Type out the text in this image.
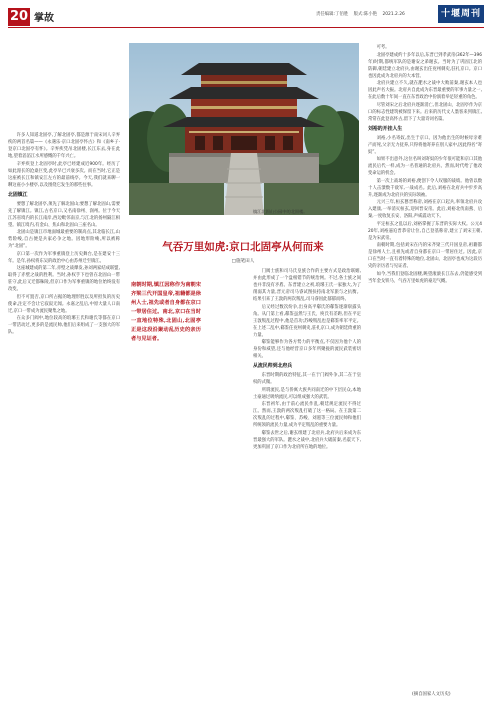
20 掌故	责任编辑:丁佰胜 版式:陈小艳 2021.2.26	十堰周刊
镇江北固山公园中的北固楼。

许多人知道北固亭,了解北固亭,都是源于南宋词人辛弃疾的两首名篇——《永遇乐·京口北固亭怀古》和《南乡子·登京口北固亭有怀》。辛弃疾凭吊北固楼,长江东去,身在此地,望着滔滔江水所感慨的千年兴亡。

辛弃疾登上北固亭时,此亭已经建成近900年。经历了如此漫长的沧桑巨变,此亭早已兴衰多次。而在当时,它正是这座被长江和镇安江左方的最前线亭。今天,我们就来聊一聊这座小小楼亭,以及围绕它发生的那些往事。

北固镇江

要想了解北固亭,须先了解北固山;要想了解北固山,需要先了解镇江。镇江,古名京口,又名南徐州、润州。位于今天江苏省境内的长江南岸,西边毗邻南京,与江北的扬州隔江相望。镇江境内,有金山、焦山和北固山三座名山。

北固山是镇江市地面城最重要的制高点,其北临长江,山势险峻,自古便是兵家必争之地。因地形险峻,所以被称为“北固”。

京口第一次作为军事重镇登上历史舞台,是在建安十三年。是年,孙权将东吴的政治中心由苏州迁至镇江。

这座城建成的第二年,赤壁之战爆发,孙刘两家结成联盟,取得了赤壁之战的胜利。当时,孙权手下也曾在北固山一带驻守,此后又迁都秣陵,但京口作为军事重镇的地位始终没有改变。

但不可置否,京口所占据的地理形胜以及所担负的历史使命,注定不会让它寂寂无闻。永嘉之乱后,中原大量人口南迁,京口一带成为流民聚集之地。

在众多门阀中,地位较高的琅琊王氏和谢氏等都在京口一带活动过,更多的是流民帅,他们后来组成了一支强大的军队。

气吞万里如虎:京口北固亭从何而来
□施笔田人
南朝时期,镇江因称作为南朝宋齐梁三代开国皇帝,祖籍都是徐州人士,祖先或者自身都在京口一带居住过。南北,京口在当时一直地位特殊,北固山,北固亭正是这段沿聚动乱历史的亲历者与见证者。

门阀士族和司马氏皇族合作的主要方式是政治联姻,并由此形成了一个盘根错节的统治网。不过,各士族之间也并非没有矛盾。东晋建立之初,琅琊王氏一家独大,为了削弱其力量,晋元帝司马睿试图扶持南北军旅与之抗衡。结果引来了王敦的两次叛乱,司马睿因此郁郁而终。

后又经过数次纷争,出身高平郗氏的郗鉴逐渐崭露头角。从门第上看,郗鉴虽然与王氏、庾氏有差距,但在平定王敦叛乱过程中,他是首功;苏峻叛乱也是郗鉴率军平定。在上述二乱中,郗鉴任兖州刺史,驻扎京口,成为朝廷倚重的力量。

郗鉴能够作为各方势力的平衡点,不仅因为他个人的身份和威望,还与他经营京口多年所聚拢的流民武装密切相关。

从流民帅到北府兵

东晋时期的政治特征,其一在于门阀外争,其二在于皇权的式微。

所谓流民,是与侨寓大族共同南迁的中下层民众,本地土豪通过吸纳流民,可以组成强大的武装。

东晋初年,由于前心流民作乱,朝廷规定流民不得过江。然而,王敦的两次叛乱打破了这一格局。在王敦第二次叛乱的过程中,郗鉴、苏峻、刘遐等三位流民帅和他们所统领的流民力量,成为平定叛乱的重要力量。

郗鉴去世之后,谢玄组建了北府兵,北府兵后来成为东晋最强大的军队。淝水之战中,北府兵大破前秦,名震天下,更加巩固了京口作为北府所在地的地位。

可考。

北固亭建成约十多年以后,东晋已到孝武帝(362年—396年)时期,都统军队的是谢安之弟谢玄。当时为了巩固江北的防御,朝廷建立北府兵,由谢玄出任兖州刺史,驻扎京口。京口也因此成为北府兵的大本营。

北府兵建立不久,就在淝水之战中大败前秦,谢玄本人也因此声名大振。北府兵自此成为东晋最重要的军事力量之一,在此后数十年间一直在东晋政治中扮演着举足轻重的角色。

尽管刘宋之后北府兵逐渐消亡,但北固山、北固亭作为京口的标志性建筑被保留下来。后来的历代文人墨客来到镇江,常常在此登高怀古,留下了大量诗词名篇。

刘裕的开挂人生

刘裕,小名寄奴,出生于京口。因为他出生的时候母亲难产而死,父亲无力抚养,只得将他寄养在别人家中,因此得名“寄奴”。

如果不出意外,这位名叫刘寄奴的少年很可能和京口其他流民后代一样,成为一名普通的北府兵。然而,时代给了他改变命运的机会。

第一次上战场的刘裕,便创下令人叹服的战绩。他曾以数十人击溃数千敌军,一战成名。此后,刘裕在北府兵中步步高升,逐渐成为北府兵的实际领袖。

元兴三年,桓玄篡晋称帝,刘裕在京口起兵,率领北府兵攻入建康,一举消灭桓玄,迎回晋安帝。此后,刘裕北伐南燕、后秦,一度收复长安、洛阳,声威震动天下。

平定桓玄之乱以后,刘裕掌握了东晋的实际大权。公元420年,刘裕逼迫晋恭帝让位,自己登基称帝,建立了刘宋王朝,是为宋武帝。

南朝时期,包括刘宋在内的宋齐梁三代开国皇帝,祖籍都是徐州人士,且祖先或者自身都在京口一带居住过。因此,京口在当时一直有着特殊的地位,北固山、北固亭也成为这段历史的亲历者与见证者。

如今,当我们登临北固楼,眺望滚滚长江东去,仍能感受到当年金戈铁马、气吞万里如虎的豪迈气概。

(摘自国家人文历史)
